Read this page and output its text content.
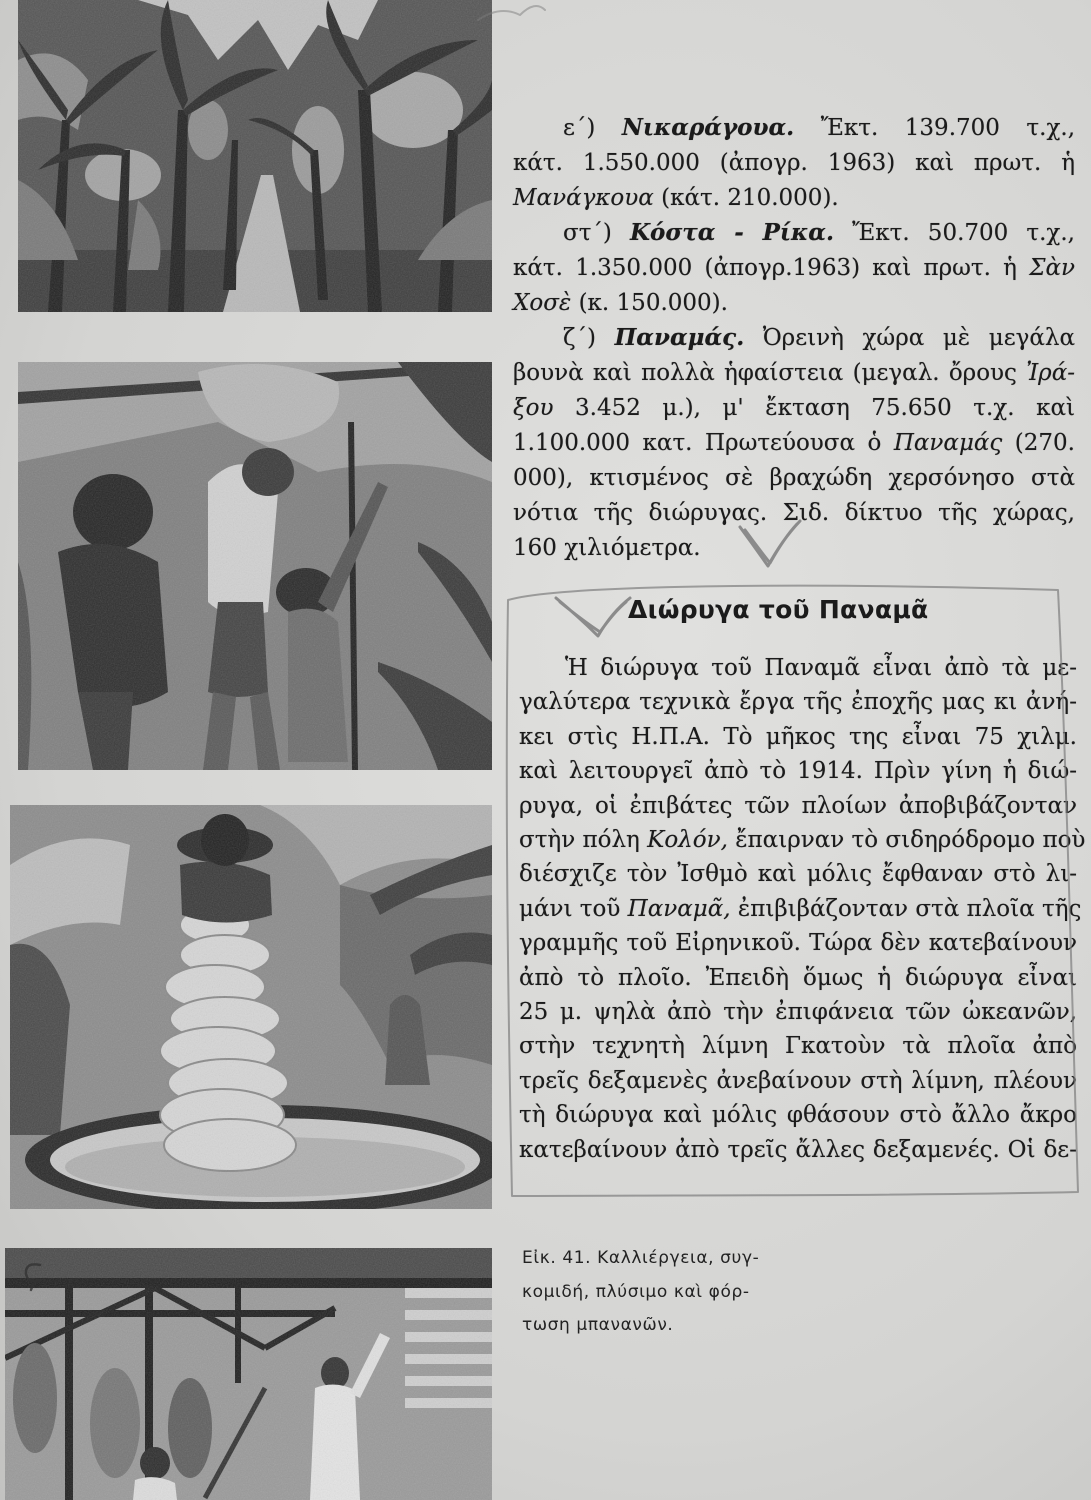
ε΄) Νικαράγουα. Ἔκτ. 139.700 τ.χ.,
κάτ. 1.550.000 (ἀπογρ. 1963) καὶ πρωτ. ἡ
Μανάγκουα (κάτ. 210.000).
στ΄) Κόστα - Ρίκα. Ἔκτ. 50.700 τ.χ.,
κάτ. 1.350.000 (ἀπογρ.1963) καὶ πρωτ. ἡ Σὰν
Χοσὲ (κ. 150.000).
ζ΄) Παναμάς. Ὀρεινὴ χώρα μὲ μεγάλα
βουνὰ καὶ πολλὰ ἡφαίστεια (μεγαλ. ὄρους Ἰρά-
ξου 3.452 μ.), μ' ἔκταση 75.650 τ.χ. καὶ
1.100.000 κατ. Πρωτεύουσα ὁ Παναμάς (270.
000), κτισμένος σὲ βραχώδη χερσόνησο στὰ
νότια τῆς διώρυγας. Σιδ. δίκτυο τῆς χώρας,
160 χιλιόμετρα.
Διώρυγα τοῦ Παναμᾶ
Ἡ διώρυγα τοῦ Παναμᾶ εἶναι ἀπὸ τὰ με-
γαλύτερα τεχνικὰ ἔργα τῆς ἐποχῆς μας κι ἀνή-
κει στὶς Η.Π.Α. Τὸ μῆκος της εἶναι 75 χιλμ.
καὶ λειτουργεῖ ἀπὸ τὸ 1914. Πρὶν γίνη ἡ διώ-
ρυγα, οἱ ἐπιβάτες τῶν πλοίων ἀποβιβάζονταν
στὴν πόλη Κολόν, ἔπαιρναν τὸ σιδηρόδρομο ποὺ
διέσχιζε τὸν Ἰσθμὸ καὶ μόλις ἔφθαναν στὸ λι-
μάνι τοῦ Παναμᾶ, ἐπιβιβάζονταν στὰ πλοῖα τῆς
γραμμῆς τοῦ Εἰρηνικοῦ. Τώρα δὲν κατεβαίνουν
ἀπὸ τὸ πλοῖο. Ἐπειδὴ ὅμως ἡ διώρυγα εἶναι
25 μ. ψηλὰ ἀπὸ τὴν ἐπιφάνεια τῶν ὠκεανῶν,
στὴν τεχνητὴ λίμνη Γκατοὺν τὰ πλοῖα ἀπὸ
τρεῖς δεξαμενὲς ἀνεβαίνουν στὴ λίμνη, πλέουν
τὴ διώρυγα καὶ μόλις φθάσουν στὸ ἄλλο ἄκρο
κατεβαίνουν ἀπὸ τρεῖς ἄλλες δεξαμενές. Οἱ δε-
Εἰκ. 41. Καλλιέργεια, συγ-
κομιδή, πλύσιμο καὶ φόρ-
τωση μπανανῶν.
